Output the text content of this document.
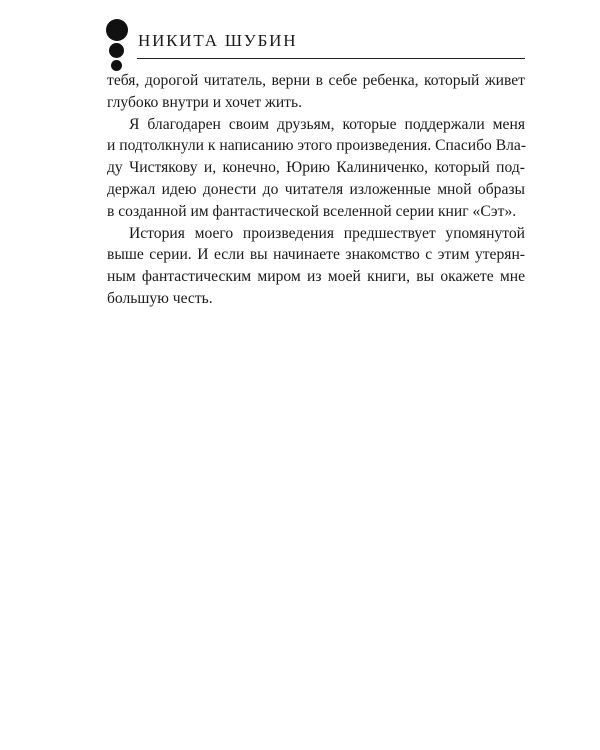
НИКИТА ШУБИН

тебя, дорогой читатель, верни в себе ребенка, который живет
глубоко внутри и хочет жить.

Я благодарен своим друзьям, которые поддержали меня
и подтолкнули к написанию этого произведения. Спасибо Вла-
ду Чистякову и, конечно, Юрию Калиниченко, который под-
держал идею донести до читателя изложенные мной образы
в созданной им фантастической вселенной серии книг «Сэт».

История моего произведения предшествует упомянутой
выше серии. И если вы начинаете знакомство с этим утерян-
ным фантастическим миром из моей книги, вы окажете мне
большую честь.
